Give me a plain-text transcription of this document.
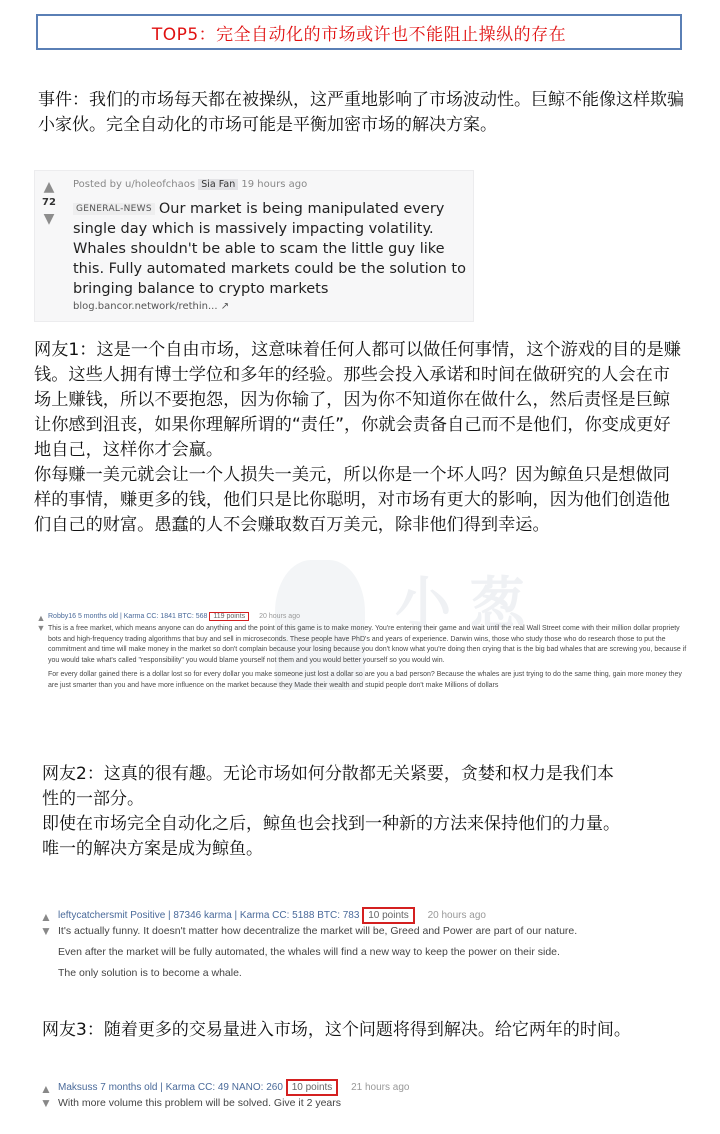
TOP5：完全自动化的市场或许也不能阻止操纵的存在

事件：我们的市场每天都在被操纵，这严重地影响了市场波动性。巨鲸不能像这样欺骗小家伙。完全自动化的市场可能是平衡加密市场的解决方案。

▲
72
▼
Posted by u/holeofchaos Sia Fan 19 hours ago
GENERAL-NEWS Our market is being manipulated every single day which is massively impacting volatility. Whales shouldn't be able to scam the little guy like this. Fully automated markets could be the solution to bringing balance to crypto markets
blog.bancor.network/rethin... ↗

网友1：这是一个自由市场，这意味着任何人都可以做任何事情，这个游戏的目的是赚钱。这些人拥有博士学位和多年的经验。那些会投入承诺和时间在做研究的人会在市场上赚钱，所以不要抱怨，因为你输了，因为你不知道你在做什么，然后责怪是巨鲸让你感到沮丧，如果你理解所谓的“责任”，你就会责备自己而不是他们，你变成更好地自己，这样你才会赢。

你每赚一美元就会让一个人损失一美元，所以你是一个坏人吗？因为鲸鱼只是想做同样的事情，赚更多的钱，他们只是比你聪明，对市场有更大的影响，因为他们创造他们自己的财富。愚蠢的人不会赚取数百万美元，除非他们得到幸运。

小葱
▲
▼
Robby16 5 months old | Karma CC: 1841 BTC: 568 119 points 20 hours ago

This is a free market, which means anyone can do anything and the point of this game is to make money. You're entering their game and wait until the real Wall Street come with their million dollar propriety bots and high-frequency trading algorithms that buy and sell in microseconds. These people have PhD's and years of experience. Darwin wins, those who study those who do research those to put the commitment and time will make money in the market so don't complain because your losing because you don't know what you're doing then crying that is the big bad whales that are screwing you, because if you would take what's called "responsibility" you would blame yourself not them and you would better yourself so you would win.

For every dollar gained there is a dollar lost so for every dollar you make someone just lost a dollar so are you a bad person? Because the whales are just trying to do the same thing, gain more money they are just smarter than you and have more influence on the market because they Made their wealth and stupid people don't make Millions of dollars

网友2：这真的很有趣。无论市场如何分散都无关紧要，贪婪和权力是我们本性的一部分。

即使在市场完全自动化之后，鲸鱼也会找到一种新的方法来保持他们的力量。

唯一的解决方案是成为鲸鱼。

▲
▼
leftycatchersmit Positive | 87346 karma | Karma CC: 5188 BTC: 783 10 points 20 hours ago

It's actually funny. It doesn't matter how decentralize the market will be, Greed and Power are part of our nature.

Even after the market will be fully automated, the whales will find a new way to keep the power on their side.

The only solution is to become a whale.

网友3：随着更多的交易量进入市场，这个问题将得到解决。给它两年的时间。

▲
▼
Maksuss 7 months old | Karma CC: 49 NANO: 260 10 points 21 hours ago

With more volume this problem will be solved. Give it 2 years
